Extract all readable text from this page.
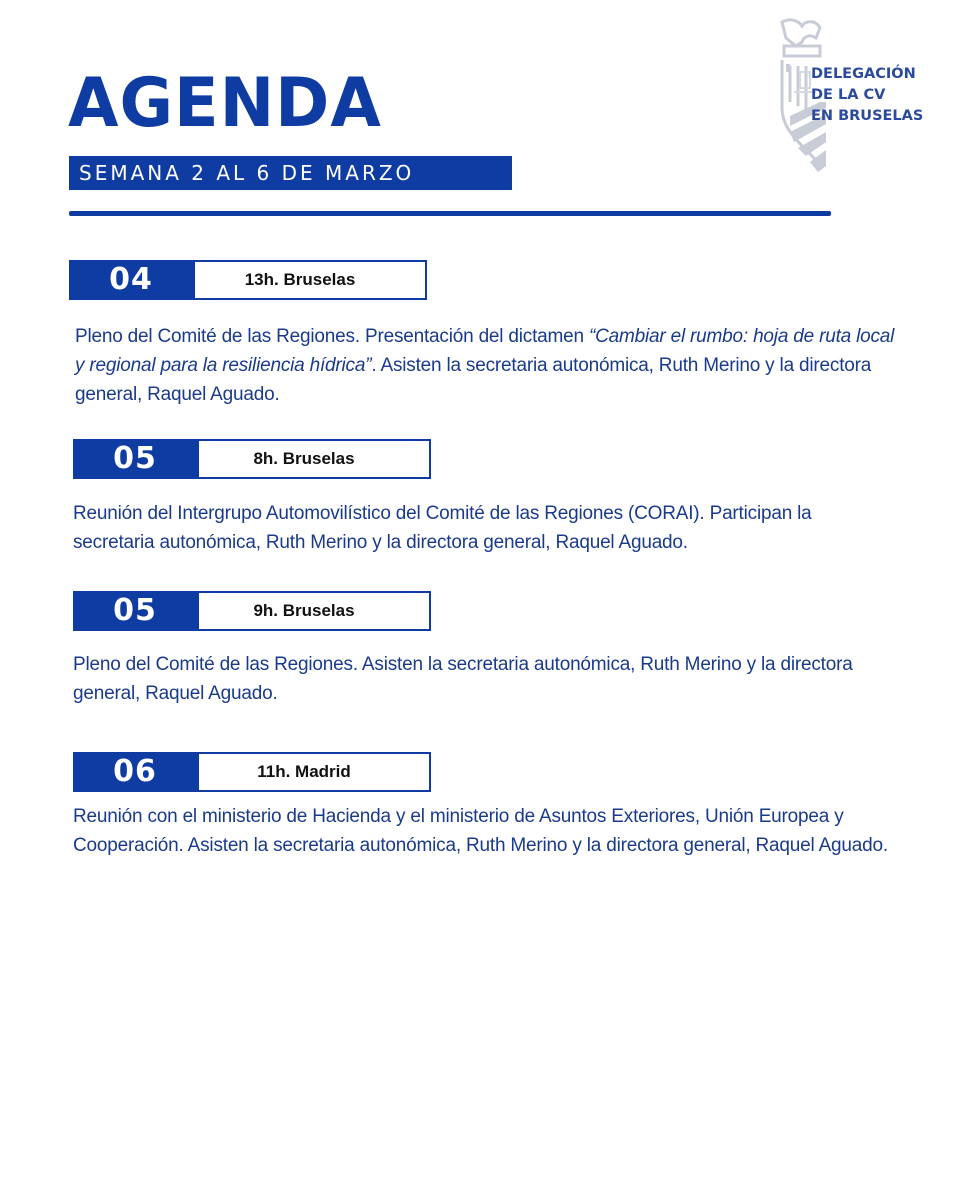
AGENDA
SEMANA 2 AL 6 DE MARZO
DELEGACIÓN
DE LA CV
EN BRUSELAS
04	13h. Bruselas
Pleno del Comité de las Regiones. Presentación del dictamen “Cambiar el rumbo: hoja de ruta local y regional para la resiliencia hídrica”. Asisten la secretaria autonómica, Ruth Merino y la directora general, Raquel Aguado.
05	8h. Bruselas
Reunión del Intergrupo Automovilístico del Comité de las Regiones (CORAI). Participan la secretaria autonómica, Ruth Merino y la directora general, Raquel Aguado.
05	9h. Bruselas
Pleno del Comité de las Regiones. Asisten la secretaria autonómica, Ruth Merino y la directora general, Raquel Aguado.
06	11h. Madrid
Reunión con el ministerio de Hacienda y el ministerio de Asuntos Exteriores, Unión Europea y Cooperación. Asisten la secretaria autonómica, Ruth Merino y la directora general, Raquel Aguado.
